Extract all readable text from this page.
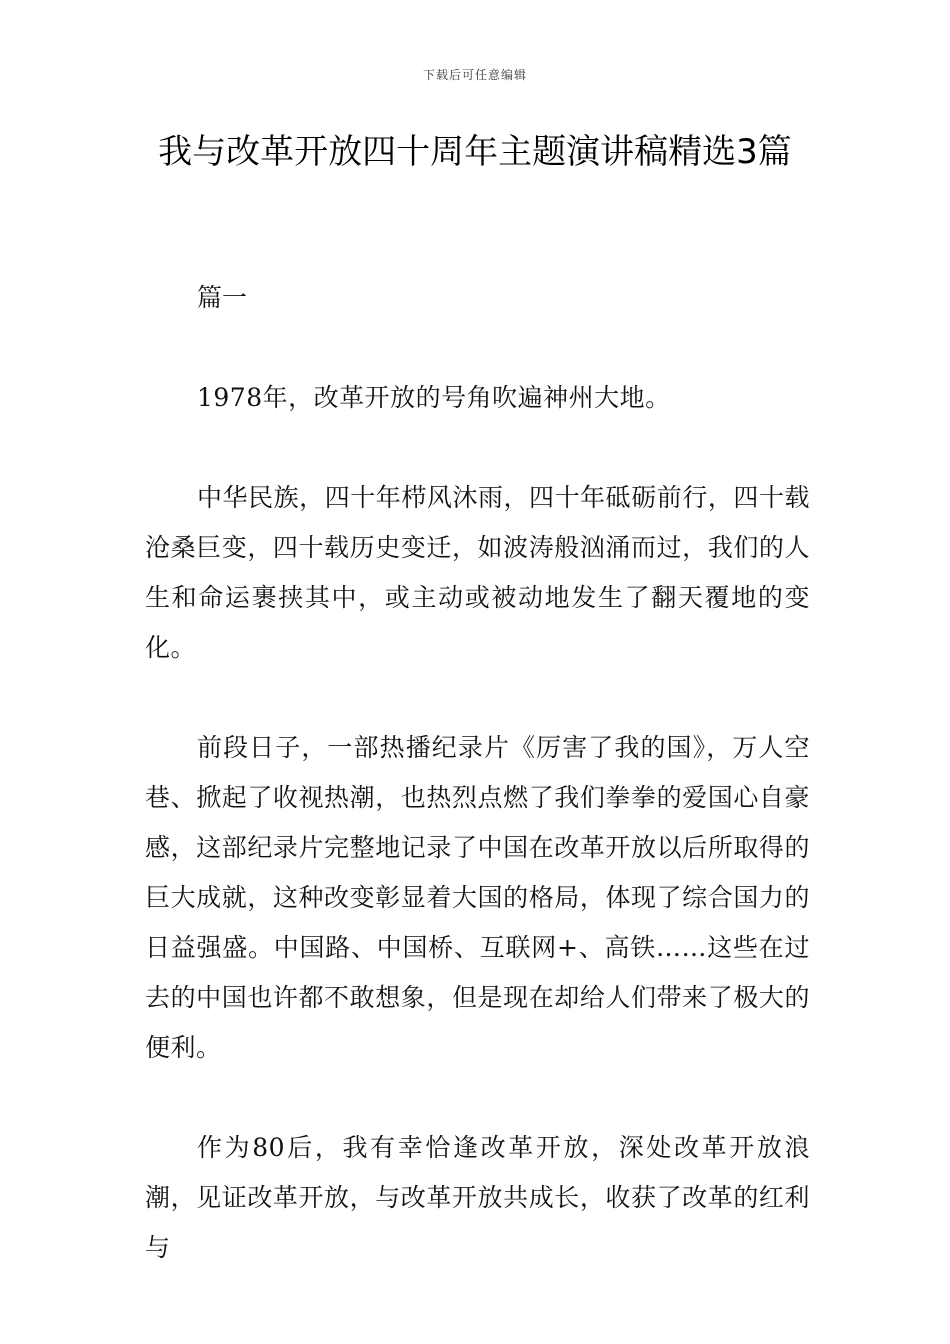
下载后可任意编辑
我与改革开放四十周年主题演讲稿精选3篇

篇一

1978年，改革开放的号角吹遍神州大地。

中华民族，四十年栉风沐雨，四十年砥砺前行，四十载沧桑巨变，四十载历史变迁，如波涛般汹涌而过，我们的人生和命运裹挟其中，或主动或被动地发生了翻天覆地的变化。

前段日子，一部热播纪录片《厉害了我的国》，万人空巷、掀起了收视热潮，也热烈点燃了我们拳拳的爱国心自豪感，这部纪录片完整地记录了中国在改革开放以后所取得的巨大成就，这种改变彰显着大国的格局，体现了综合国力的日益强盛。中国路、中国桥、互联网+、高铁……这些在过去的中国也许都不敢想象，但是现在却给人们带来了极大的便利。

作为80后，我有幸恰逢改革开放，深处改革开放浪潮，见证改革开放，与改革开放共成长，收获了改革的红利与
